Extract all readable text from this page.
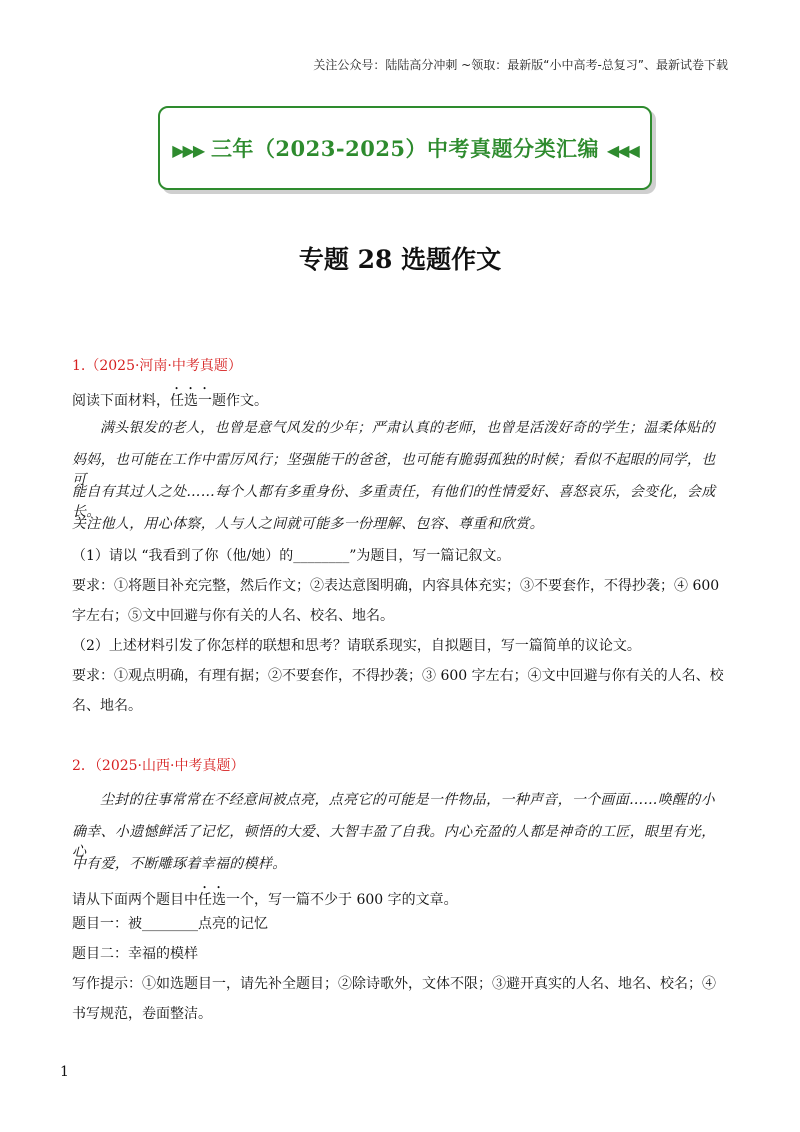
关注公众号：陆陆高分冲刺 ~领取：最新版“小中高考-总复习”、最新试卷下载
▶▶▶ 三年（2023-2025）中考真题分类汇编 ◀◀◀
专题 28 选题作文
1.（2025·河南·中考真题）
阅读下面材料，任选一题作文。
满头银发的老人，也曾是意气风发的少年；严肃认真的老师，也曾是活泼好奇的学生；温柔体贴的
妈妈，也可能在工作中雷厉风行；坚强能干的爸爸，也可能有脆弱孤独的时候；看似不起眼的同学，也可
能自有其过人之处……每个人都有多重身份、多重责任，有他们的性情爱好、喜怒哀乐，会变化，会成长。
关注他人，用心体察，人与人之间就可能多一份理解、包容、尊重和欣赏。
（1）请以 “我看到了你（他/她）的________”为题目，写一篇记叙文。
要求：①将题目补充完整，然后作文；②表达意图明确，内容具体充实；③不要套作，不得抄袭；④ 600
字左右；⑤文中回避与你有关的人名、校名、地名。
（2）上述材料引发了你怎样的联想和思考？请联系现实，自拟题目，写一篇简单的议论文。
要求：①观点明确，有理有据；②不要套作，不得抄袭；③ 600 字左右；④文中回避与你有关的人名、校
名、地名。
2．（2025·山西·中考真题）
尘封的往事常常在不经意间被点亮，点亮它的可能是一件物品，一种声音，一个画面……唤醒的小
确幸、小遗憾鲜活了记忆，顿悟的大爱、大智丰盈了自我。内心充盈的人都是神奇的工匠，眼里有光，心
中有爱，不断雕琢着幸福的模样。
请从下面两个题目中任选一个，写一篇不少于 600 字的文章。
题目一：被________点亮的记忆
题目二：幸福的模样
写作提示：①如选题目一，请先补全题目；②除诗歌外，文体不限；③避开真实的人名、地名、校名；④
书写规范，卷面整洁。
1
